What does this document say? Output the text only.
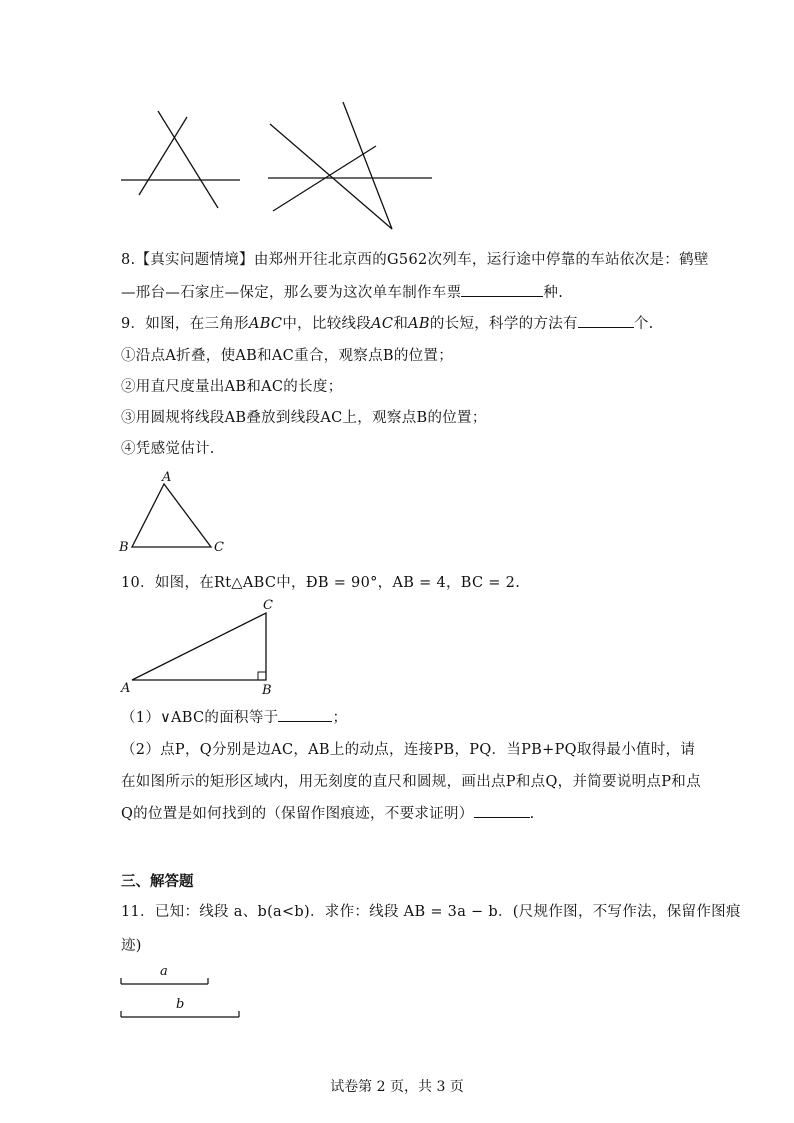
8.【真实问题情境】由郑州开往北京西的G562次列车，运行途中停靠的车站依次是：鹤壁
—邢台—石家庄—保定，那么要为这次单车制作车票	种.
9．如图，在三角形ABC中，比较线段AC和AB的长短，科学的方法有	个.
①沿点A折叠，使AB和AC重合，观察点B的位置；
②用直尺度量出AB和AC的长度；
③用圆规将线段AB叠放到线段AC上，观察点B的位置；
④凭感觉估计.
A
B	C
10．如图，在Rt△ABC中，ÐB = 90°，AB = 4，BC = 2.
A	B
C
（1）∨ABC的面积等于	；
（2）点P，Q分别是边AC，AB上的动点，连接PB，PQ．当PB+PQ取得最小值时，请
在如图所示的矩形区域内，用无刻度的直尺和圆规，画出点P和点Q，并简要说明点P和点
Q的位置是如何找到的（保留作图痕迹，不要求证明）	.
三、解答题
11．已知：线段 a、b(a<b)．求作：线段 AB = 3a − b．(尺规作图，不写作法，保留作图痕
迹)
a
b
试卷第 2 页，共 3 页
